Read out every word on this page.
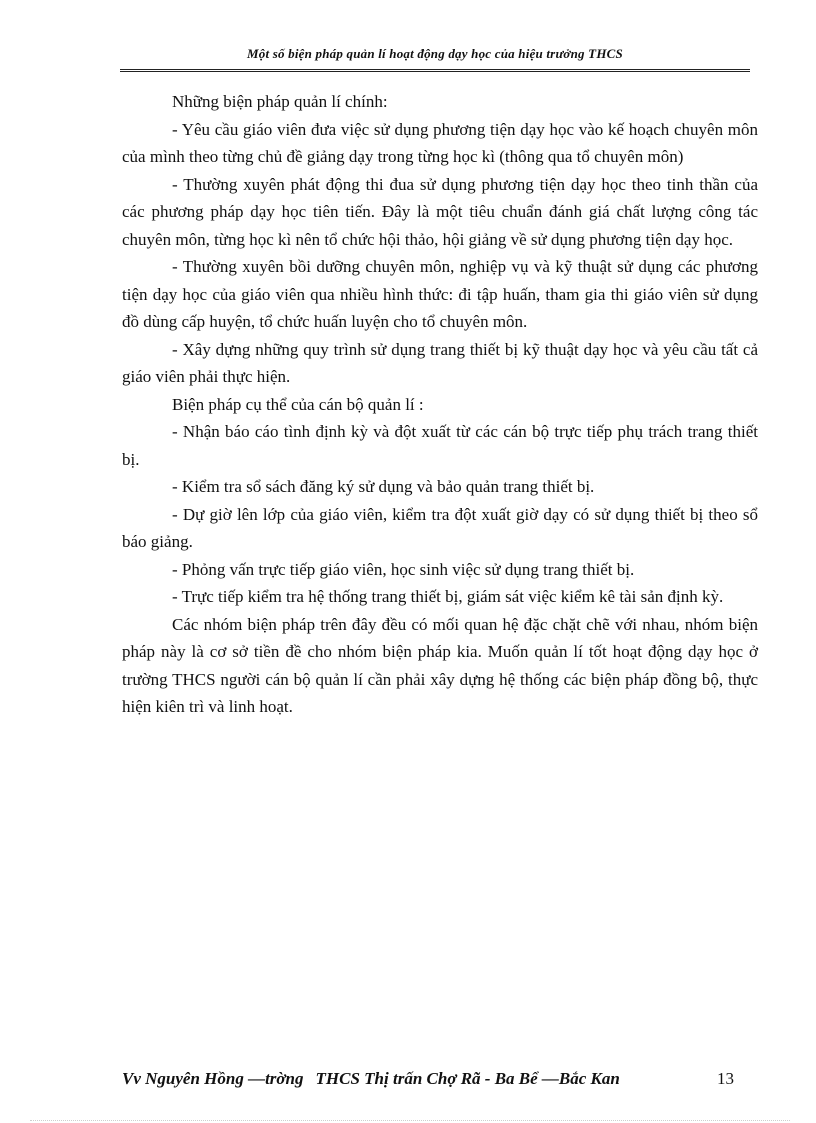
Một số biện pháp quản lí hoạt động dạy học của hiệu trưởng THCS

Những biện pháp quản lí chính:

- Yêu cầu giáo viên đưa việc sử dụng phương tiện dạy học vào kế hoạch chuyên môn của mình theo từng chủ đề giảng dạy trong từng học kì (thông qua tổ chuyên môn)

- Thường xuyên phát động thi đua sử dụng phương tiện dạy học theo tinh thần của các phương pháp dạy học tiên tiến. Đây là một tiêu chuẩn đánh giá chất lượng công tác chuyên môn, từng học kì nên tổ chức hội thảo, hội giảng về sử dụng phương tiện dạy học.

- Thường xuyên bồi dưỡng chuyên môn, nghiệp vụ và kỹ thuật sử dụng các phương tiện dạy học của giáo viên qua nhiều hình thức: đi tập huấn, tham gia thi giáo viên sử dụng đồ dùng cấp huyện, tổ chức huấn luyện cho tổ chuyên môn.

- Xây dựng những quy trình sử dụng trang thiết bị kỹ thuật dạy học và yêu cầu tất cả giáo viên phải thực hiện.

Biện pháp cụ thể của cán bộ quản lí :

- Nhận báo cáo tình định kỳ và đột xuất từ các cán bộ trực tiếp phụ trách trang thiết bị.

- Kiểm tra sổ sách đăng ký sử dụng và bảo quản trang thiết bị.

- Dự giờ lên lớp của giáo viên, kiểm tra đột xuất giờ dạy có sử dụng thiết bị theo sổ báo giảng.

- Phỏng vấn trực tiếp giáo viên, học sinh việc sử dụng trang thiết bị.

- Trực tiếp kiểm tra hệ thống trang thiết bị, giám sát việc kiểm kê tài sản định kỳ.

Các nhóm biện pháp trên đây đều có mối quan hệ đặc chặt chẽ với nhau, nhóm biện pháp này là cơ sở tiền đề cho nhóm biện pháp kia. Muốn quản lí tốt hoạt động dạy học ở trường THCS người cán bộ quản lí cần phải xây dựng hệ thống các biện pháp đồng bộ, thực hiện kiên trì và linh hoạt.

Vv Nguyên Hồng —trờng THCS Thị trấn Chợ Rã - Ba Bể —Bắc Kan	13
